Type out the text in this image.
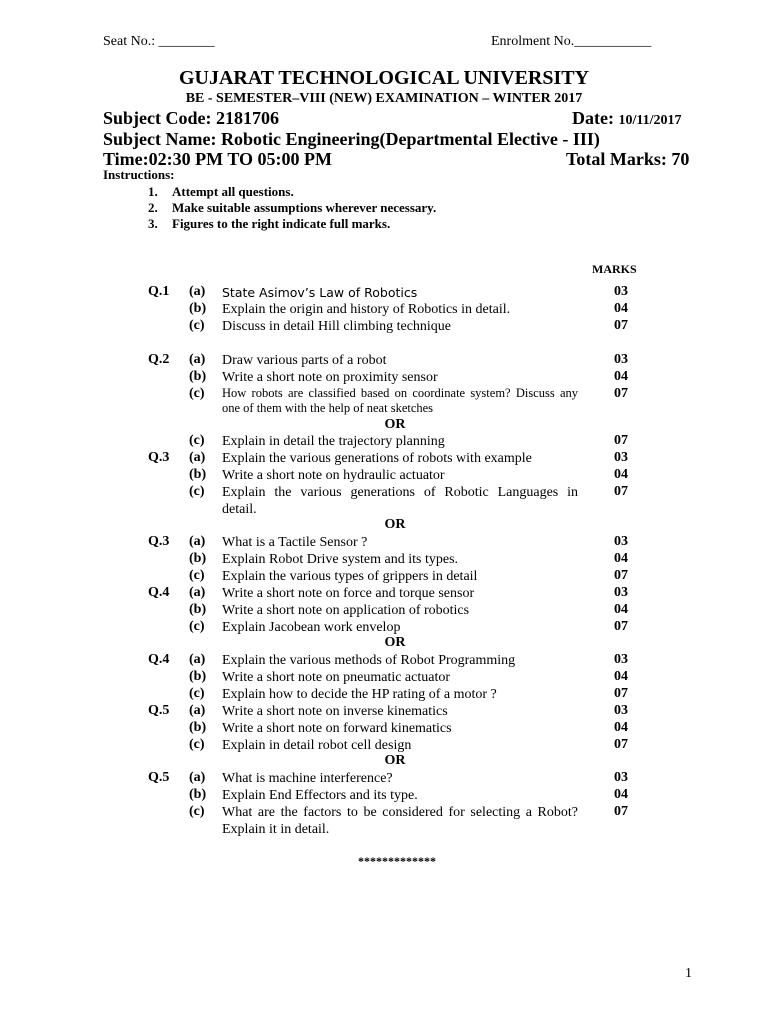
Seat No.: ________	Enrolment No.___________
GUJARAT TECHNOLOGICAL UNIVERSITY
BE - SEMESTER–VIII (NEW) EXAMINATION – WINTER 2017
Subject Code: 2181706	Date: 10/11/2017
Subject Name: Robotic Engineering(Departmental Elective - III)
Time:02:30 PM TO 05:00 PM	Total Marks: 70
Instructions:
1. Attempt all questions.
2. Make suitable assumptions wherever necessary.
3. Figures to the right indicate full marks.
MARKS
Q.1 (a) State Asimov’s Law of Robotics	03
(b) Explain the origin and history of Robotics in detail.	04
(c) Discuss in detail Hill climbing technique	07
Q.2 (a) Draw various parts of a robot	03
(b) Write a short note on proximity sensor	04
(c) How robots are classified based on coordinate system? Discuss any one of them with the help of neat sketches
07
OR
(c) Explain in detail the trajectory planning	07
Q.3 (a) Explain the various generations of robots with example	03
(b) Write a short note on hydraulic actuator	04
(c) Explain the various generations of Robotic Languages in detail.
07
OR
Q.3 (a) What is a Tactile Sensor ?	03
(b) Explain Robot Drive system and its types.	04
(c) Explain the various types of grippers in detail	07
Q.4 (a) Write a short note on force and torque sensor	03
(b) Write a short note on application of robotics	04
(c) Explain Jacobean work envelop	07
OR
Q.4 (a) Explain the various methods of Robot Programming	03
(b) Write a short note on pneumatic actuator	04
(c) Explain how to decide the HP rating of a motor ?	07
Q.5 (a) Write a short note on inverse kinematics	03
(b) Write a short note on forward kinematics	04
(c) Explain in detail robot cell design	07
OR
Q.5 (a) What is machine interference?	03
(b) Explain End Effectors and its type.	04
(c) What are the factors to be considered for selecting a Robot? Explain it in detail.
07
*************
1
